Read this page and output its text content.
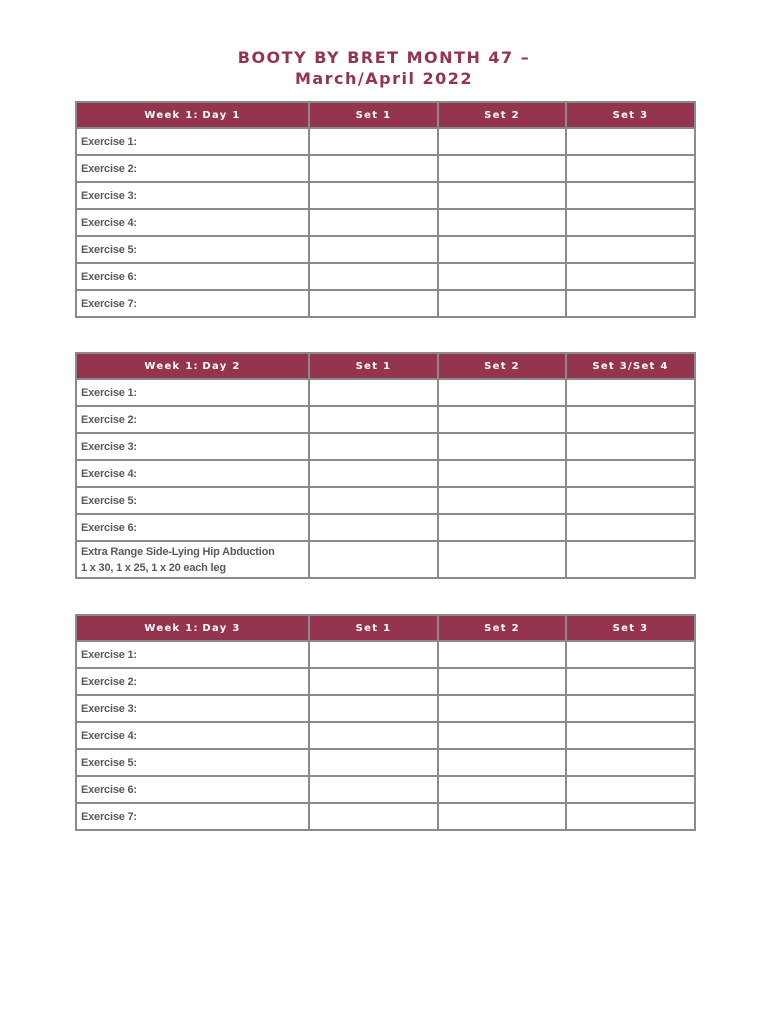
BOOTY BY BRET MONTH 47 –
March/April 2022
Week 1: Day 1	Set 1	Set 2	Set 3
Exercise 1:			
Exercise 2:			
Exercise 3:			
Exercise 4:			
Exercise 5:			
Exercise 6:			
Exercise 7:			
Week 1: Day 2	Set 1	Set 2	Set 3/Set 4
Exercise 1:			
Exercise 2:			
Exercise 3:			
Exercise 4:			
Exercise 5:			
Exercise 6:			

Extra Range Side-Lying Hip Abduction
1 x 30, 1 x 25, 1 x 20 each leg			

Week 1: Day 3	Set 1	Set 2	Set 3
Exercise 1:			
Exercise 2:			
Exercise 3:			
Exercise 4:			
Exercise 5:			
Exercise 6:			
Exercise 7:			
